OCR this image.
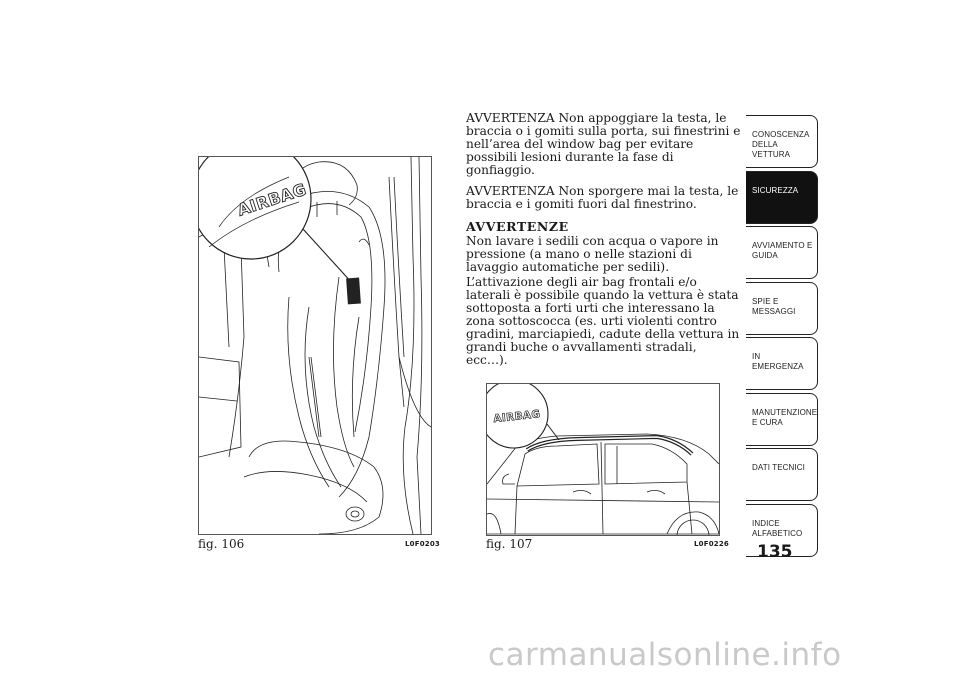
AIRBAG
fig. 106	L0F0203
AIRBAG
fig. 107	L0F0226

AVVERTENZA Non appoggiare la testa, le braccia o i gomiti sulla porta, sui finestrini e nell’area del window bag per evitare possibili lesioni durante la fase di gonfiaggio.

AVVERTENZA Non sporgere mai la testa, le braccia e i gomiti fuori dal finestrino.

AVVERTENZE

Non lavare i sedili con acqua o vapore in pressione (a mano o nelle stazioni di lavaggio automatiche per sedili).

L’attivazione degli air bag frontali e/o laterali è possibile quando la vettura è stata sottoposta a forti urti che interessano la zona sottoscocca (es. urti violenti contro gradini, marciapiedi, cadute della vettura in grandi buche o avvallamenti stradali, ecc…).

CONOSCENZA DELLA VETTURA
SICUREZZA
AVVIAMENTO E GUIDA
SPIE E MESSAGGI
IN EMERGENZA
MANUTENZIONE E CURA
DATI TECNICI
INDICE ALFABETICO
135
carmanualsonline.info
